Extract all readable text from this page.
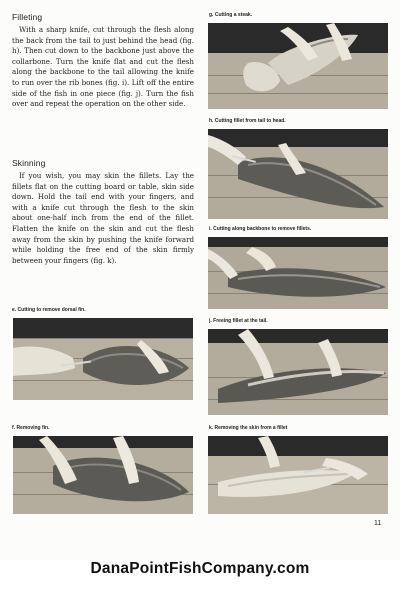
Filleting

With a sharp knife, cut through the flesh along the back from the tail to just behind the head (fig. h). Then cut down to the backbone just above the collarbone. Turn the knife flat and cut the flesh along the backbone to the tail allowing the knife to run over the rib bones (fig. i). Lift off the entire side of the fish in one piece (fig. j). Turn the fish over and repeat the operation on the other side.

Skinning

If you wish, you may skin the fillets. Lay the fillets flat on the cutting board or table, skin side down. Hold the tail end with your fingers, and with a knife cut through the flesh to the skin about one-half inch from the end of the fillet. Flatten the knife on the skin and cut the flesh away from the skin by pushing the knife forward while holding the free end of the skin firmly between your fingers (fig. k).

e. Cutting to remove dorsal fin.
f. Removing fin.
g. Cutting a steak.
h. Cutting fillet from tail to head.
i. Cutting along backbone to remove fillets.
j. Freeing fillet at the tail.
k. Removing the skin from a fillet
11
DanaPointFishCompany.com
